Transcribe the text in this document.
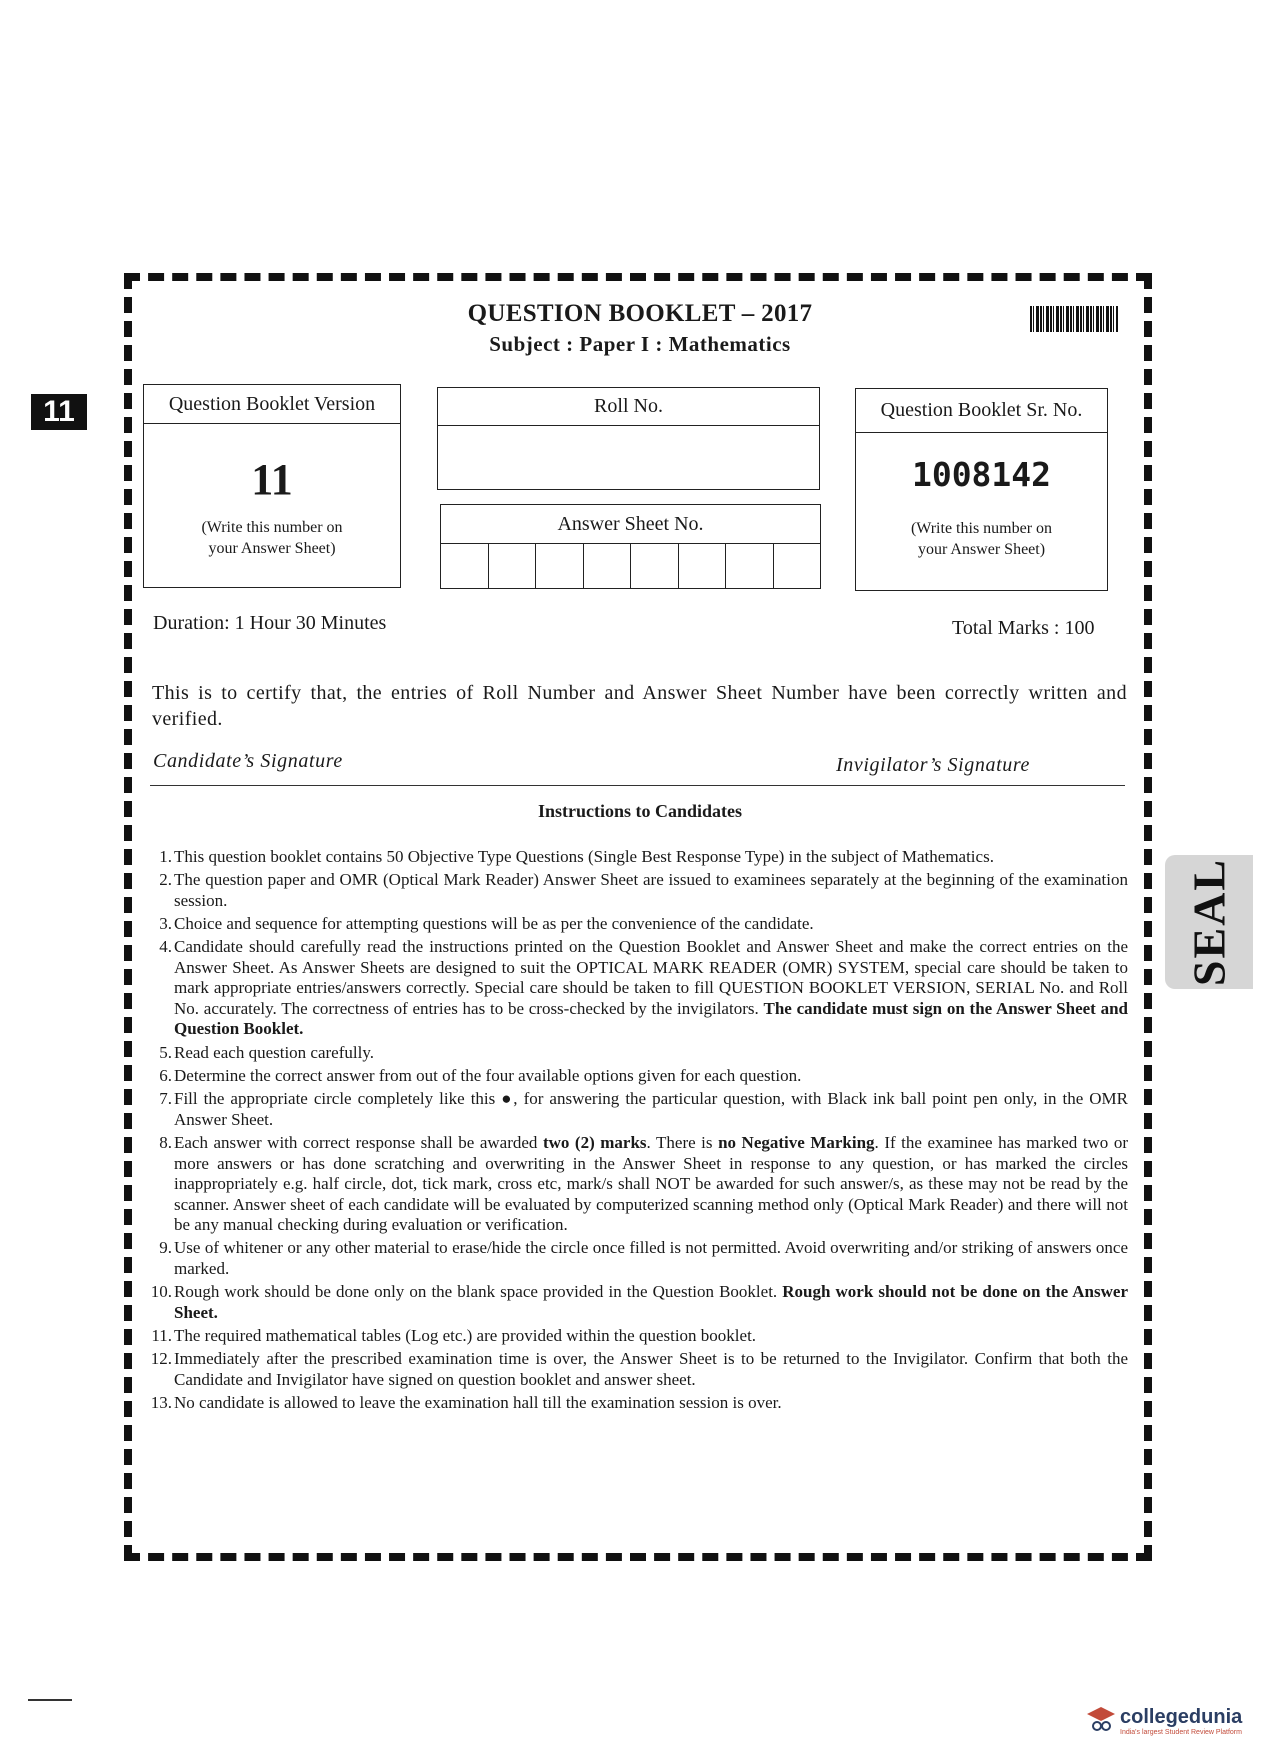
11
QUESTION BOOKLET – 2017
Subject : Paper I : Mathematics
Question Booklet Version
11
(Write this number on
your Answer Sheet)
Roll No.
Answer Sheet No.
Question Booklet Sr. No.
1008142
(Write this number on
your Answer Sheet)
Duration: 1 Hour 30 Minutes	Total Marks : 100
This is to certify that, the entries of Roll Number and Answer Sheet Number have been correctly written and verified.
Candidate’s Signature	Invigilator’s Signature
Instructions to Candidates
1. This question booklet contains 50 Objective Type Questions (Single Best Response Type) in the subject of Mathematics.
2. The question paper and OMR (Optical Mark Reader) Answer Sheet are issued to examinees separately at the beginning of the examination session.
3. Choice and sequence for attempting questions will be as per the convenience of the candidate.
4. Candidate should carefully read the instructions printed on the Question Booklet and Answer Sheet and make the correct entries on the Answer Sheet. As Answer Sheets are designed to suit the OPTICAL MARK READER (OMR) SYSTEM, special care should be taken to mark appropriate entries/answers correctly. Special care should be taken to fill QUESTION BOOKLET VERSION, SERIAL No. and Roll No. accurately. The correctness of entries has to be cross-checked by the invigilators. The candidate must sign on the Answer Sheet and Question Booklet.
5. Read each question carefully.
6. Determine the correct answer from out of the four available options given for each question.
7. Fill the appropriate circle completely like this ●, for answering the particular question, with Black ink ball point pen only, in the OMR Answer Sheet.
8. Each answer with correct response shall be awarded two (2) marks. There is no Negative Marking. If the examinee has marked two or more answers or has done scratching and overwriting in the Answer Sheet in response to any question, or has marked the circles inappropriately e.g. half circle, dot, tick mark, cross etc, mark/s shall NOT be awarded for such answer/s, as these may not be read by the scanner. Answer sheet of each candidate will be evaluated by computerized scanning method only (Optical Mark Reader) and there will not be any manual checking during evaluation or verification.
9. Use of whitener or any other material to erase/hide the circle once filled is not permitted. Avoid overwriting and/or striking of answers once marked.
10. Rough work should be done only on the blank space provided in the Question Booklet. Rough work should not be done on the Answer Sheet.
11. The required mathematical tables (Log etc.) are provided within the question booklet.
12. Immediately after the prescribed examination time is over, the Answer Sheet is to be returned to the Invigilator. Confirm that both the Candidate and Invigilator have signed on question booklet and answer sheet.
13. No candidate is allowed to leave the examination hall till the examination session is over.
SEAL
collegedunia
India's largest Student Review Platform
